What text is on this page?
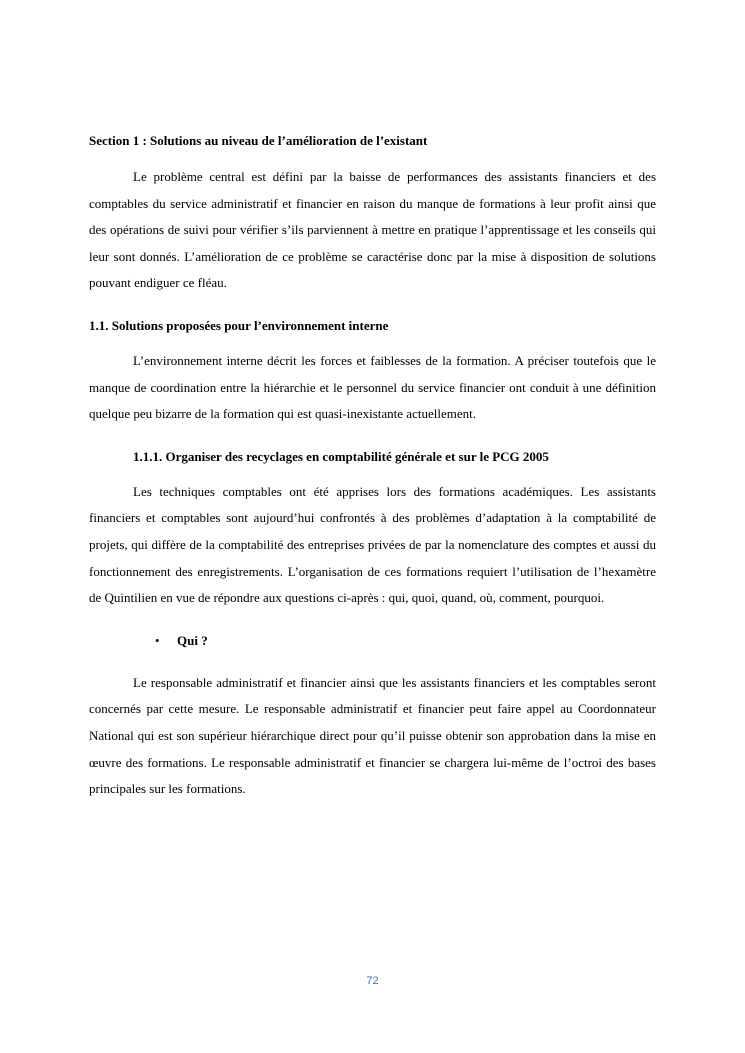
Section 1 : Solutions au niveau de l’amélioration de l’existant

Le problème central est défini par la baisse de performances des assistants financiers et des comptables du service administratif et financier en raison du manque de formations à leur profit ainsi que des opérations de suivi pour vérifier s’ils parviennent à mettre en pratique l’apprentissage et les conseils qui leur sont donnés. L’amélioration de ce problème se caractérise donc par la mise à disposition de solutions pouvant endiguer ce fléau.

1.1. Solutions proposées pour l’environnement interne

L’environnement interne décrit les forces et faiblesses de la formation. A préciser toutefois que le manque de coordination entre la hiérarchie et le personnel du service financier ont conduit à une définition quelque peu bizarre de la formation qui est quasi-inexistante actuellement.

1.1.1. Organiser des recyclages en comptabilité générale et sur le PCG 2005

Les techniques comptables ont été apprises lors des formations académiques. Les assistants financiers et comptables sont aujourd’hui confrontés à des problèmes d’adaptation à la comptabilité de projets, qui diffère de la comptabilité des entreprises privées de par la nomenclature des comptes et aussi du fonctionnement des enregistrements. L’organisation de ces formations requiert l’utilisation de l’hexamètre de Quintilien en vue de répondre aux questions ci-après : qui, quoi, quand, où, comment, pourquoi.

•	Qui ?

Le responsable administratif et financier ainsi que les assistants financiers et les comptables seront concernés par cette mesure. Le responsable administratif et financier peut faire appel au Coordonnateur National qui est son supérieur hiérarchique direct pour qu’il puisse obtenir son approbation dans la mise en œuvre des formations. Le responsable administratif et financier se chargera lui-même de l’octroi des bases principales sur les formations.

72
